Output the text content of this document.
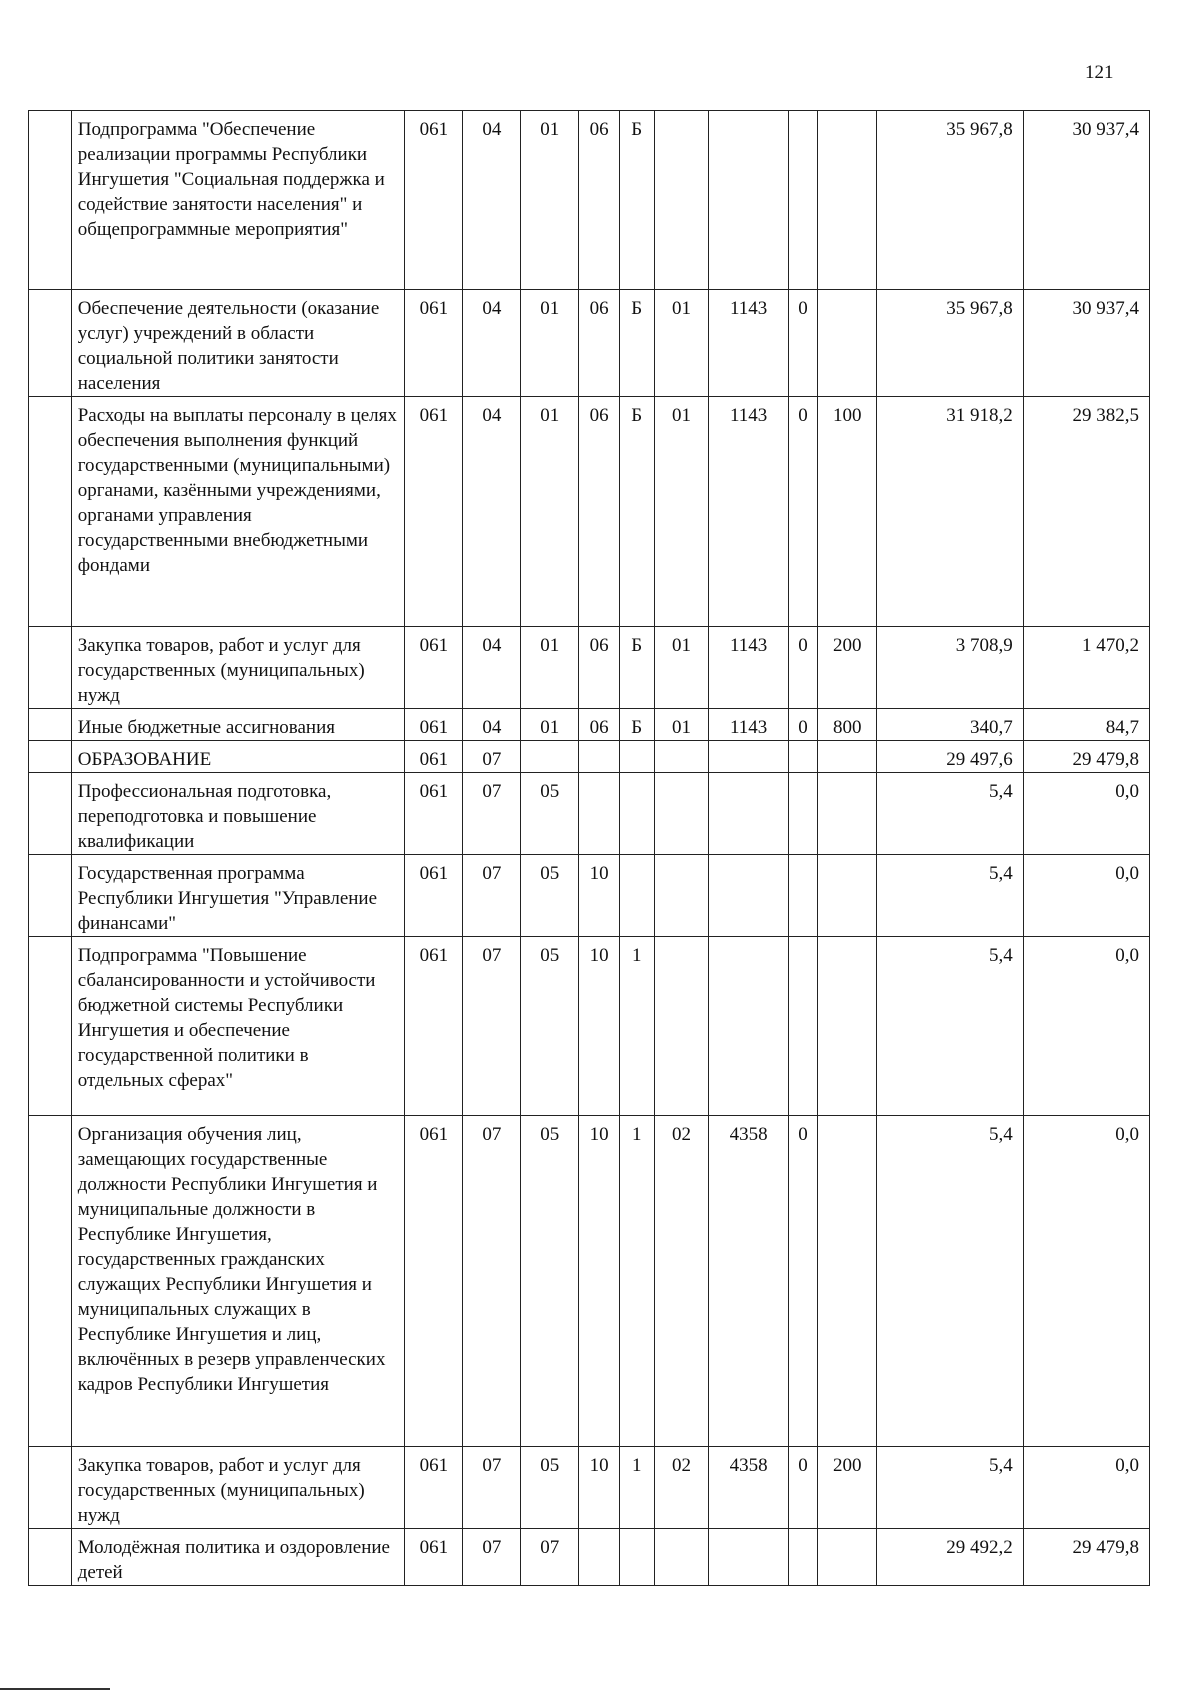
121
	Подпрограмма "Обеспечение реализации программы Республики Ингушетия "Социальная поддержка и содействие занятости населения" и общепрограммные мероприятия"	061	04	01	06	Б					35 967,8	30 937,4
	Обеспечение деятельности (оказание услуг) учреждений в области социальной политики занятости населения	061	04	01	06	Б	01	1143	0		35 967,8	30 937,4
	Расходы на выплаты персоналу в целях обеспечения выполнения функций государственными (муниципальными) органами, казёнными учреждениями, органами управления государственными внебюджетными фондами	061	04	01	06	Б	01	1143	0	100	31 918,2	29 382,5
	Закупка товаров, работ и услуг для государственных (муниципальных) нужд	061	04	01	06	Б	01	1143	0	200	3 708,9	1 470,2
	Иные бюджетные ассигнования	061	04	01	06	Б	01	1143	0	800	340,7	84,7
	ОБРАЗОВАНИЕ	061	07								29 497,6	29 479,8
	Профессиональная подготовка, переподготовка и повышение квалификации	061	07	05							5,4	0,0
	Государственная программа Республики Ингушетия "Управление финансами"	061	07	05	10						5,4	0,0
	Подпрограмма "Повышение сбалансированности и устойчивости бюджетной системы Республики Ингушетия и обеспечение государственной политики в отдельных сферах"	061	07	05	10	1					5,4	0,0
	Организация обучения лиц, замещающих государственные должности Республики Ингушетия и муниципальные должности в Республике Ингушетия, государственных гражданских служащих Республики Ингушетия и муниципальных служащих в Республике Ингушетия и лиц, включённых в резерв управленческих кадров Республики Ингушетия	061	07	05	10	1	02	4358	0		5,4	0,0
	Закупка товаров, работ и услуг для государственных (муниципальных) нужд	061	07	05	10	1	02	4358	0	200	5,4	0,0
	Молодёжная политика и оздоровление детей	061	07	07							29 492,2	29 479,8
